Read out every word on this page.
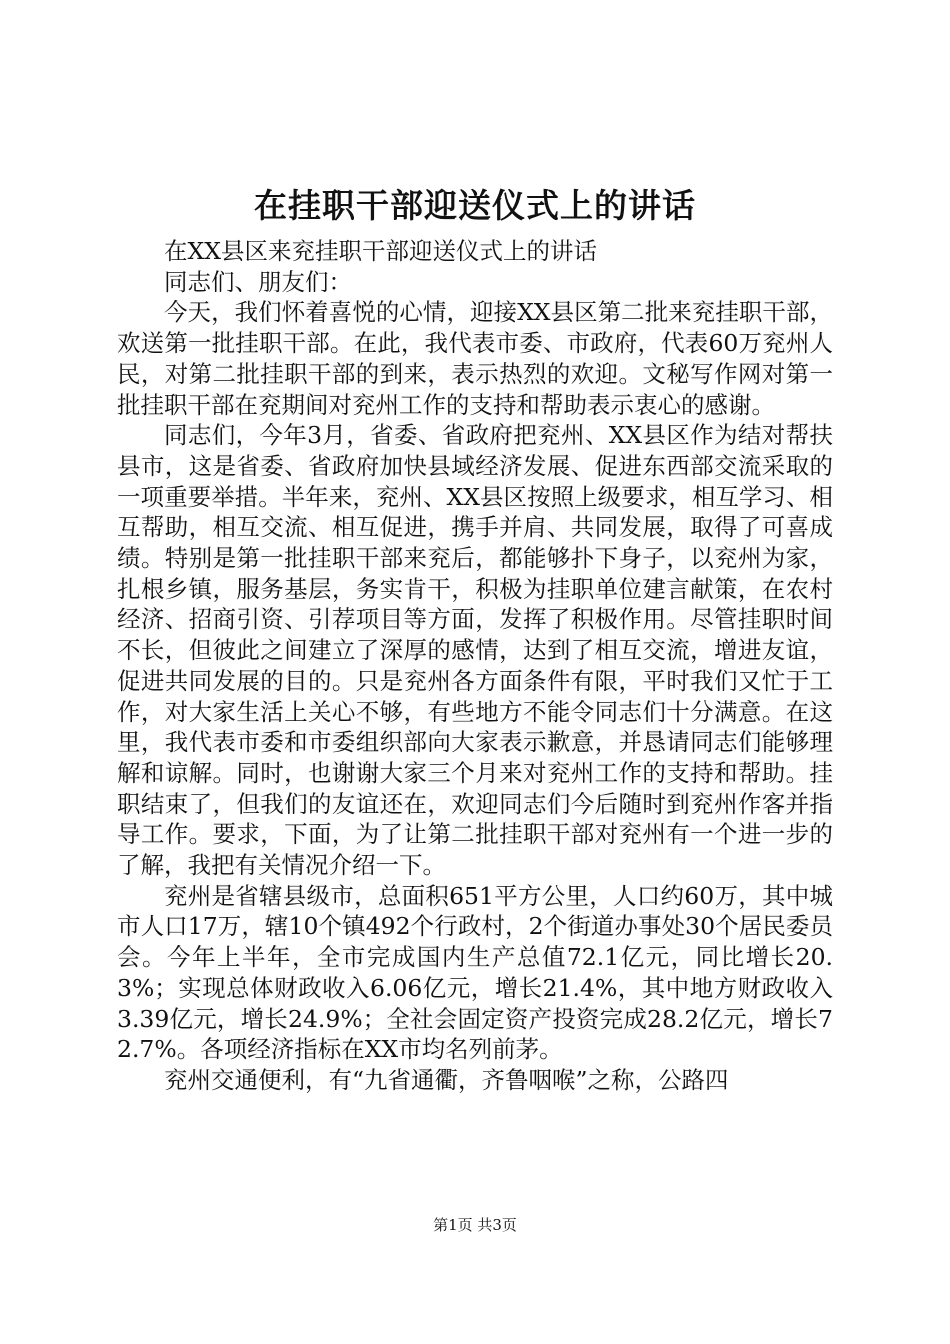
在挂职干部迎送仪式上的讲话

在XX县区来兖挂职干部迎送仪式上的讲话

同志们、朋友们：

今天，我们怀着喜悦的心情，迎接XX县区第二批来兖挂职干部，欢送第一批挂职干部。在此，我代表市委、市政府，代表60万兖州人民，对第二批挂职干部的到来，表示热烈的欢迎。文秘写作网对第一批挂职干部在兖期间对兖州工作的支持和帮助表示衷心的感谢。

同志们，今年3月，省委、省政府把兖州、XX县区作为结对帮扶县市，这是省委、省政府加快县域经济发展、促进东西部交流采取的一项重要举措。半年来，兖州、XX县区按照上级要求，相互学习、相互帮助，相互交流、相互促进，携手并肩、共同发展，取得了可喜成绩。特别是第一批挂职干部来兖后，都能够扑下身子，以兖州为家，扎根乡镇，服务基层，务实肯干，积极为挂职单位建言献策，在农村经济、招商引资、引荐项目等方面，发挥了积极作用。尽管挂职时间不长，但彼此之间建立了深厚的感情，达到了相互交流，增进友谊，促进共同发展的目的。只是兖州各方面条件有限，平时我们又忙于工作，对大家生活上关心不够，有些地方不能令同志们十分满意。在这里，我代表市委和市委组织部向大家表示歉意，并恳请同志们能够理解和谅解。同时，也谢谢大家三个月来对兖州工作的支持和帮助。挂职结束了，但我们的友谊还在，欢迎同志们今后随时到兖州作客并指导工作。要求，下面，为了让第二批挂职干部对兖州有一个进一步的了解，我把有关情况介绍一下。

兖州是省辖县级市，总面积651平方公里，人口约60万，其中城市人口17万，辖10个镇492个行政村，2个街道办事处30个居民委员会。今年上半年，全市完成国内生产总值72.1亿元，同比增长20.3%；实现总体财政收入6.06亿元，增长21.4%，其中地方财政收入3.39亿元，增长24.9%；全社会固定资产投资完成28.2亿元，增长72.7%。各项经济指标在XX市均名列前茅。

兖州交通便利，有“九省通衢，齐鲁咽喉”之称，公路四

第1页 共3页
